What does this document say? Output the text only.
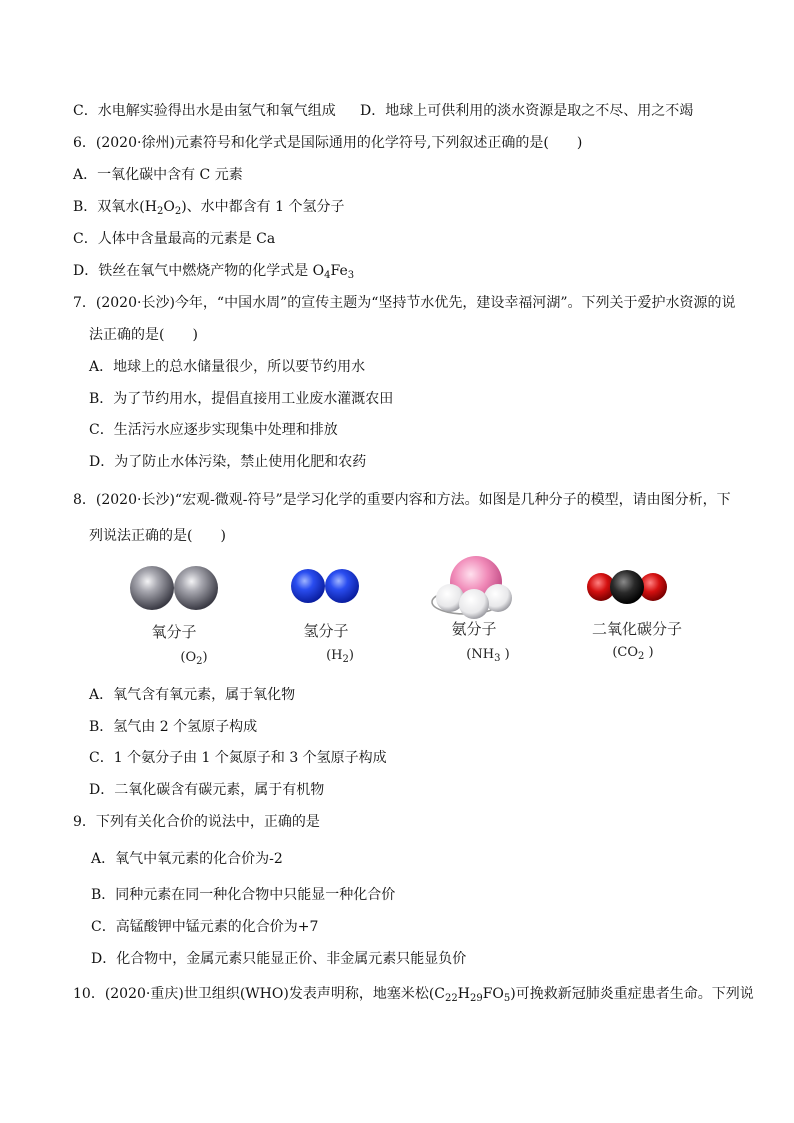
C．水电解实验得出水是由氢气和氧气组成 D．地球上可供利用的淡水资源是取之不尽、用之不竭
6．(2020·徐州)元素符号和化学式是国际通用的化学符号,下列叙述正确的是(　　)
A．一氧化碳中含有 C 元素
B．双氧水$(H_2O_2)$、水中都含有 1 个氢分子
C．人体中含量最高的元素是 Ca
D．铁丝在氧气中燃烧产物的化学式是 $O_4Fe_3$
7．(2020·长沙)今年，“中国水周”的宣传主题为“坚持节水优先，建设幸福河湖”。下列关于爱护水资源的说
法正确的是(　　)
A．地球上的总水储量很少，所以要节约用水
B．为了节约用水，提倡直接用工业废水灌溉农田
C．生活污水应逐步实现集中处理和排放
D．为了防止水体污染，禁止使用化肥和农药
8．(2020·长沙)“宏观-微观-符号”是学习化学的重要内容和方法。如图是几种分子的模型，请由图分析，下
列说法正确的是(　　)
氧分子	氢分子	氨分子	二氧化碳分子
$(O_2)$	$(H_2)$	($NH_3$ )	($CO_2$ )
A．氧气含有氧元素，属于氧化物
B．氢气由 2 个氢原子构成
C．1 个氨分子由 1 个氮原子和 3 个氢原子构成
D．二氧化碳含有碳元素，属于有机物
9．下列有关化合价的说法中，正确的是
A．氧气中氧元素的化合价为-2
B．同种元素在同一种化合物中只能显一种化合价
C．高锰酸钾中锰元素的化合价为+7
D．化合物中，金属元素只能显正价、非金属元素只能显负价
10．(2020·重庆)世卫组织(WHO)发表声明称，地塞米松$(C_{22}H_{29}FO_5)$可挽救新冠肺炎重症患者生命。下列说
